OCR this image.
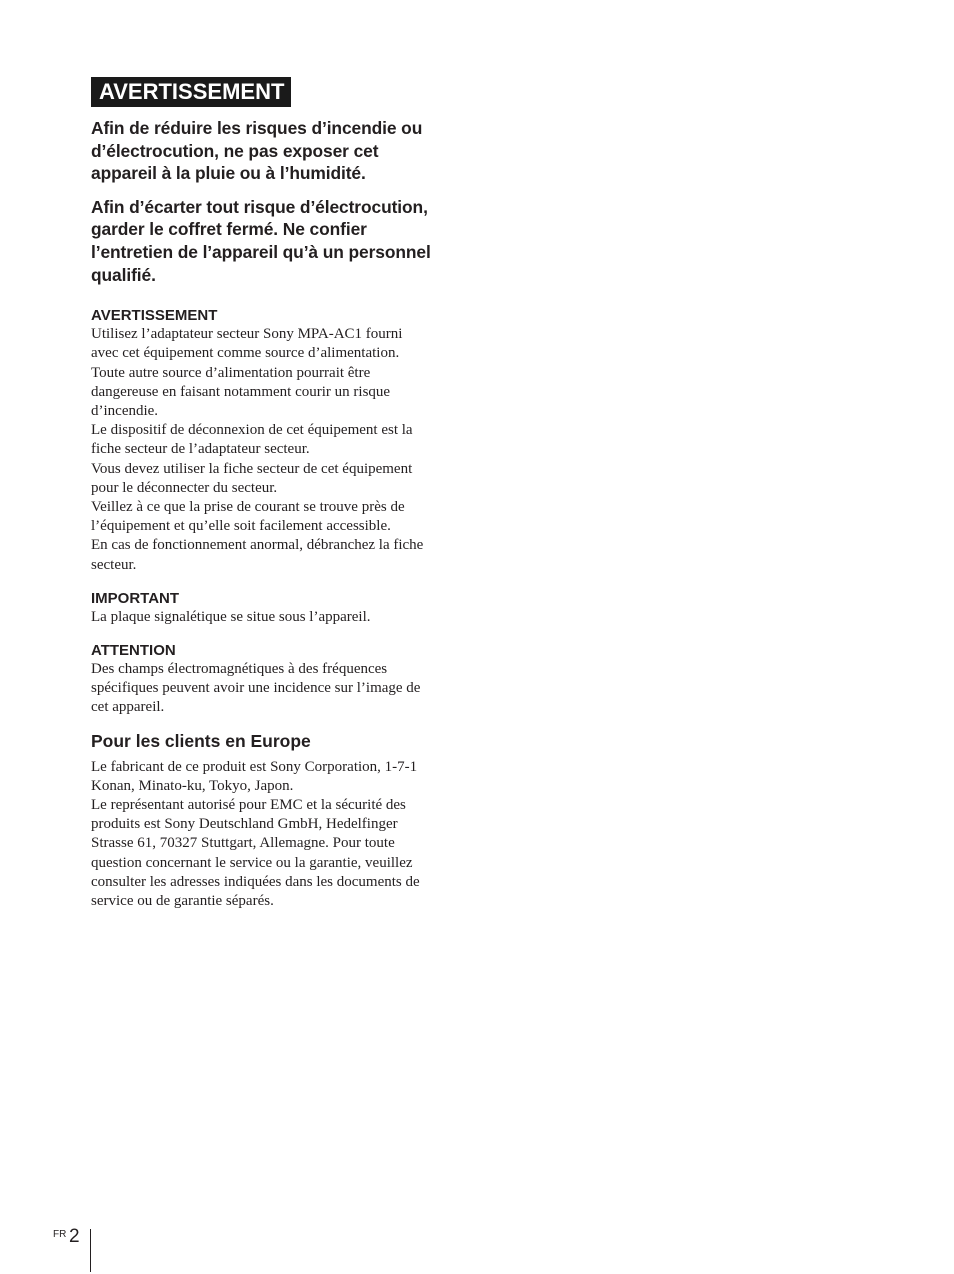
AVERTISSEMENT

Afin de réduire les risques d’incendie ou
d’électrocution, ne pas exposer cet
appareil à la pluie ou à l’humidité.

Afin d’écarter tout risque d’électrocution,
garder le coffret fermé. Ne confier
l’entretien de l’appareil qu’à un personnel
qualifié.

AVERTISSEMENT

Utilisez l’adaptateur secteur Sony MPA-AC1 fourni
avec cet équipement comme source d’alimentation.
Toute autre source d’alimentation pourrait être
dangereuse en faisant notamment courir un risque
d’incendie.
Le dispositif de déconnexion de cet équipement est la
fiche secteur de l’adaptateur secteur.
Vous devez utiliser la fiche secteur de cet équipement
pour le déconnecter du secteur.
Veillez à ce que la prise de courant se trouve près de
l’équipement et qu’elle soit facilement accessible.
En cas de fonctionnement anormal, débranchez la fiche
secteur.

IMPORTANT

La plaque signalétique se situe sous l’appareil.

ATTENTION

Des champs électromagnétiques à des fréquences
spécifiques peuvent avoir une incidence sur l’image de
cet appareil.

Pour les clients en Europe

Le fabricant de ce produit est Sony Corporation, 1-7-1
Konan, Minato-ku, Tokyo, Japon.
Le représentant autorisé pour EMC et la sécurité des
produits est Sony Deutschland GmbH, Hedelfinger
Strasse 61, 70327 Stuttgart, Allemagne. Pour toute
question concernant le service ou la garantie, veuillez
consulter les adresses indiquées dans les documents de
service ou de garantie séparés.

FR 2
